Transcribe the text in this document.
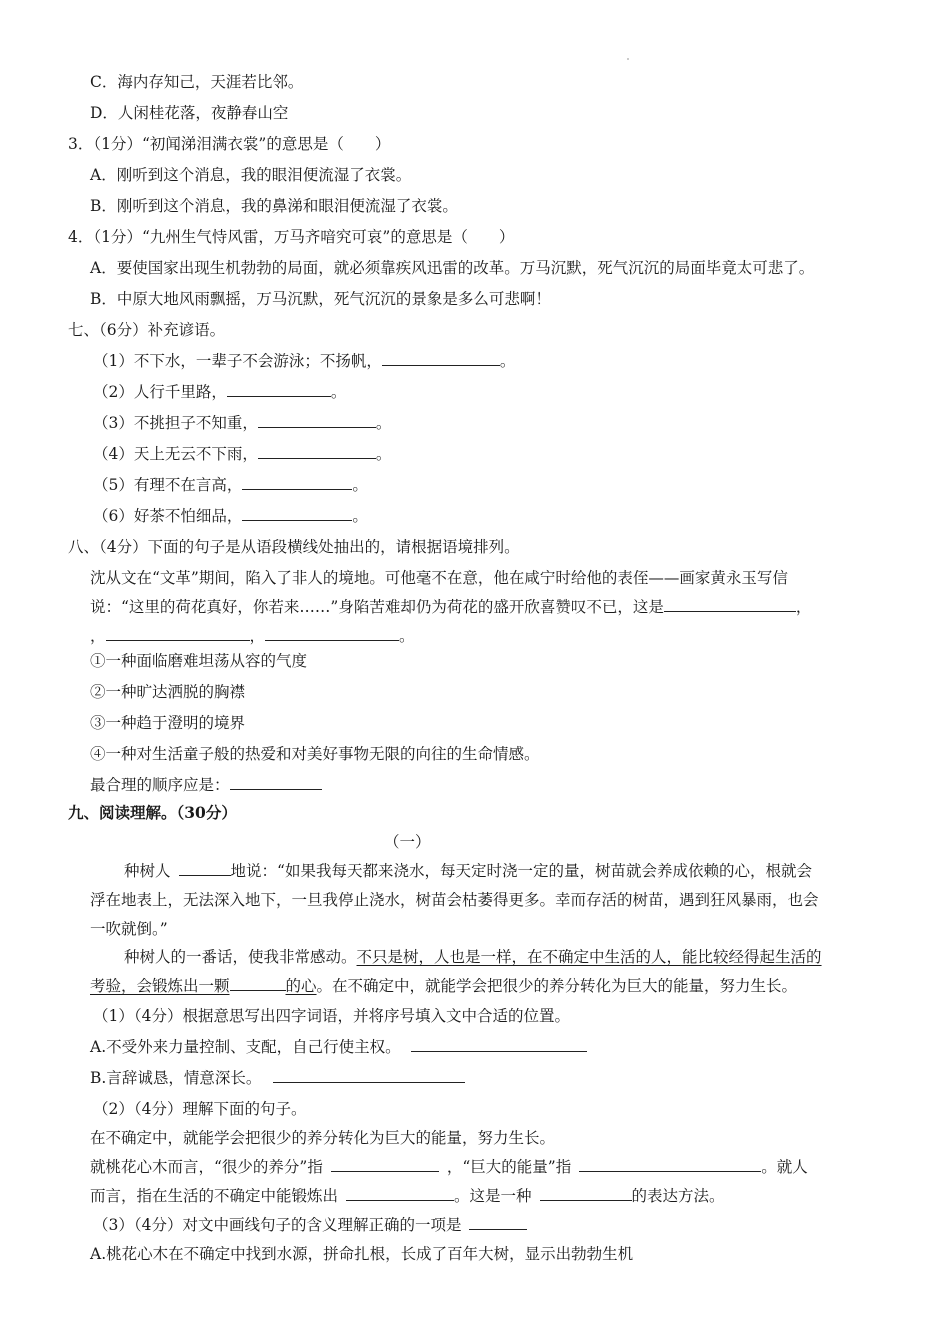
C．海内存知己，天涯若比邻。
D．人闲桂花落，夜静春山空
3．（1分）“初闻涕泪满衣裳”的意思是（　　）
A．刚听到这个消息，我的眼泪便流湿了衣裳。
B．刚听到这个消息，我的鼻涕和眼泪便流湿了衣裳。
4．（1分）“九州生气恃风雷，万马齐喑究可哀”的意思是（　　）
A．要使国家出现生机勃勃的局面，就必须靠疾风迅雷的改革。万马沉默，死气沉沉的局面毕竟太可悲了。
B．中原大地风雨飘摇，万马沉默，死气沉沉的景象是多么可悲啊！
七、（6分）补充谚语。
（1）不下水，一辈子不会游泳；不扬帆，	。
（2）人行千里路，	。
（3）不挑担子不知重，	。
（4）天上无云不下雨，	。
（5）有理不在言高，	。
（6）好茶不怕细品，	。
八、（4分）下面的句子是从语段横线处抽出的，请根据语境排列。
沈从文在“文革”期间，陷入了非人的境地。可他毫不在意，他在咸宁时给他的表侄——画家黄永玉写信
说：“这里的荷花真好，你若来……”身陷苦难却仍为荷花的盛开欣喜赞叹不已，这是	，
，	，	。
①一种面临磨难坦荡从容的气度
②一种旷达洒脱的胸襟
③一种趋于澄明的境界
④一种对生活童子般的热爱和对美好事物无限的向往的生命情感。
最合理的顺序应是：
九、阅读理解。（30分）
（一）
种树人	地说：“如果我每天都来浇水，每天定时浇一定的量，树苗就会养成依赖的心，根就会
浮在地表上，无法深入地下，一旦我停止浇水，树苗会枯萎得更多。幸而存活的树苗，遇到狂风暴雨，也会
一吹就倒。”
种树人的一番话，使我非常感动。不只是树，人也是一样，在不确定中生活的人，能比较经得起生活的
考验，会锻炼出一颗	的心。在不确定中，就能学会把很少的养分转化为巨大的能量，努力生长。
（1）（4分）根据意思写出四字词语，并将序号填入文中合适的位置。
A.不受外来力量控制、支配，自己行使主权。
B.言辞诚恳，情意深长。
（2）（4分）理解下面的句子。
在不确定中，就能学会把很少的养分转化为巨大的能量，努力生长。
就桃花心木而言，“很少的养分”指	，“巨大的能量”指	。就人
而言，指在生活的不确定中能锻炼出	。这是一种	的表达方法。
（3）（4分）对文中画线句子的含义理解正确的一项是
A.桃花心木在不确定中找到水源，拼命扎根，长成了百年大树，显示出勃勃生机
